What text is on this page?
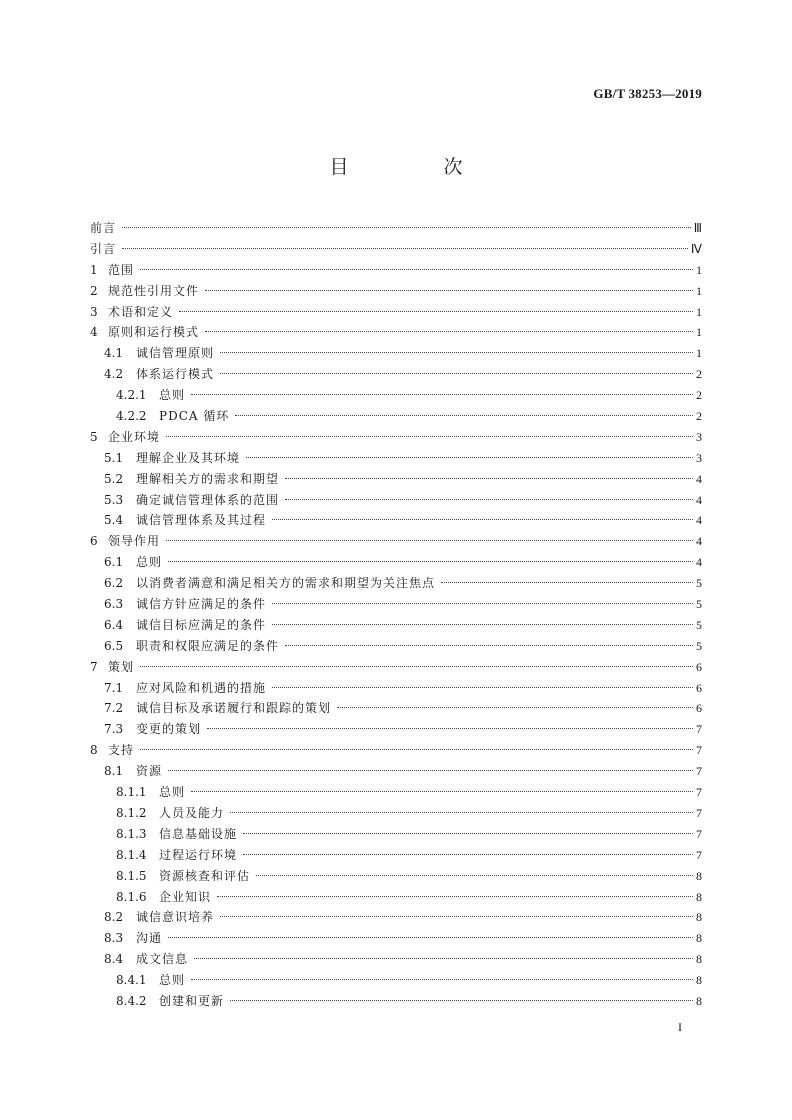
GB/T 38253—2019
目　次
前言	Ⅲ
引言	Ⅳ
1 范围	1
2 规范性引用文件	1
3 术语和定义	1
4 原则和运行模式	1
4.1	诚信管理原则	1
4.2	体系运行模式	2
4.2.1	总则	2
4.2.2	PDCA 循环	2
5 企业环境	3
5.1	理解企业及其环境	3
5.2	理解相关方的需求和期望	4
5.3	确定诚信管理体系的范围	4
5.4	诚信管理体系及其过程	4
6 领导作用	4
6.1	总则	4
6.2	以消费者满意和满足相关方的需求和期望为关注焦点	5
6.3	诚信方针应满足的条件	5
6.4	诚信目标应满足的条件	5
6.5	职责和权限应满足的条件	5
7 策划	6
7.1	应对风险和机遇的措施	6
7.2	诚信目标及承诺履行和跟踪的策划	6
7.3	变更的策划	7
8 支持	7
8.1	资源	7
8.1.1	总则	7
8.1.2	人员及能力	7
8.1.3	信息基础设施	7
8.1.4	过程运行环境	7
8.1.5	资源核查和评估	8
8.1.6	企业知识	8
8.2	诚信意识培养	8
8.3	沟通	8
8.4	成文信息	8
8.4.1	总则	8
8.4.2	创建和更新	8
I
